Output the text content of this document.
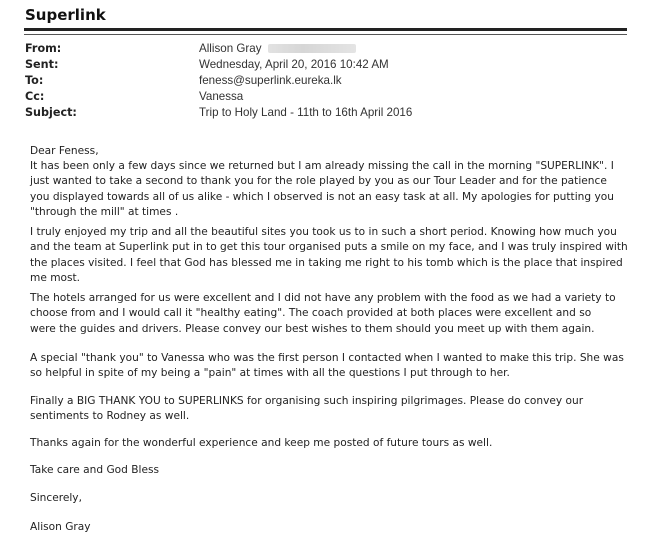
Superlink
From:	Allison Gray
Sent:	Wednesday, April 20, 2016 10:42 AM
To:	feness@superlink.eureka.lk
Cc:	Vanessa
Subject:	Trip to Holy Land - 11th to 16th April 2016
Dear Feness,
It has been only a few days since we returned but I am already missing the call in the morning "SUPERLINK". I
just wanted to take a second to thank you for the role played by you as our Tour Leader and for the patience
you displayed towards all of us alike - which I observed is not an easy task at all. My apologies for putting you
"through the mill" at times .
I truly enjoyed my trip and all the beautiful sites you took us to in such a short period. Knowing how much you
and the team at Superlink put in to get this tour organised puts a smile on my face, and I was truly inspired with
the places visited. I feel that God has blessed me in taking me right to his tomb which is the place that inspired
me most.
The hotels arranged for us were excellent and I did not have any problem with the food as we had a variety to
choose from and I would call it "healthy eating". The coach provided at both places were excellent and so
were the guides and drivers. Please convey our best wishes to them should you meet up with them again.
A special "thank you" to Vanessa who was the first person I contacted when I wanted to make this trip. She was
so helpful in spite of my being a "pain" at times with all the questions I put through to her.
Finally a BIG THANK YOU to SUPERLINKS for organising such inspiring pilgrimages. Please do convey our
sentiments to Rodney as well.
Thanks again for the wonderful experience and keep me posted of future tours as well.
Take care and God Bless
Sincerely,
Alison Gray
